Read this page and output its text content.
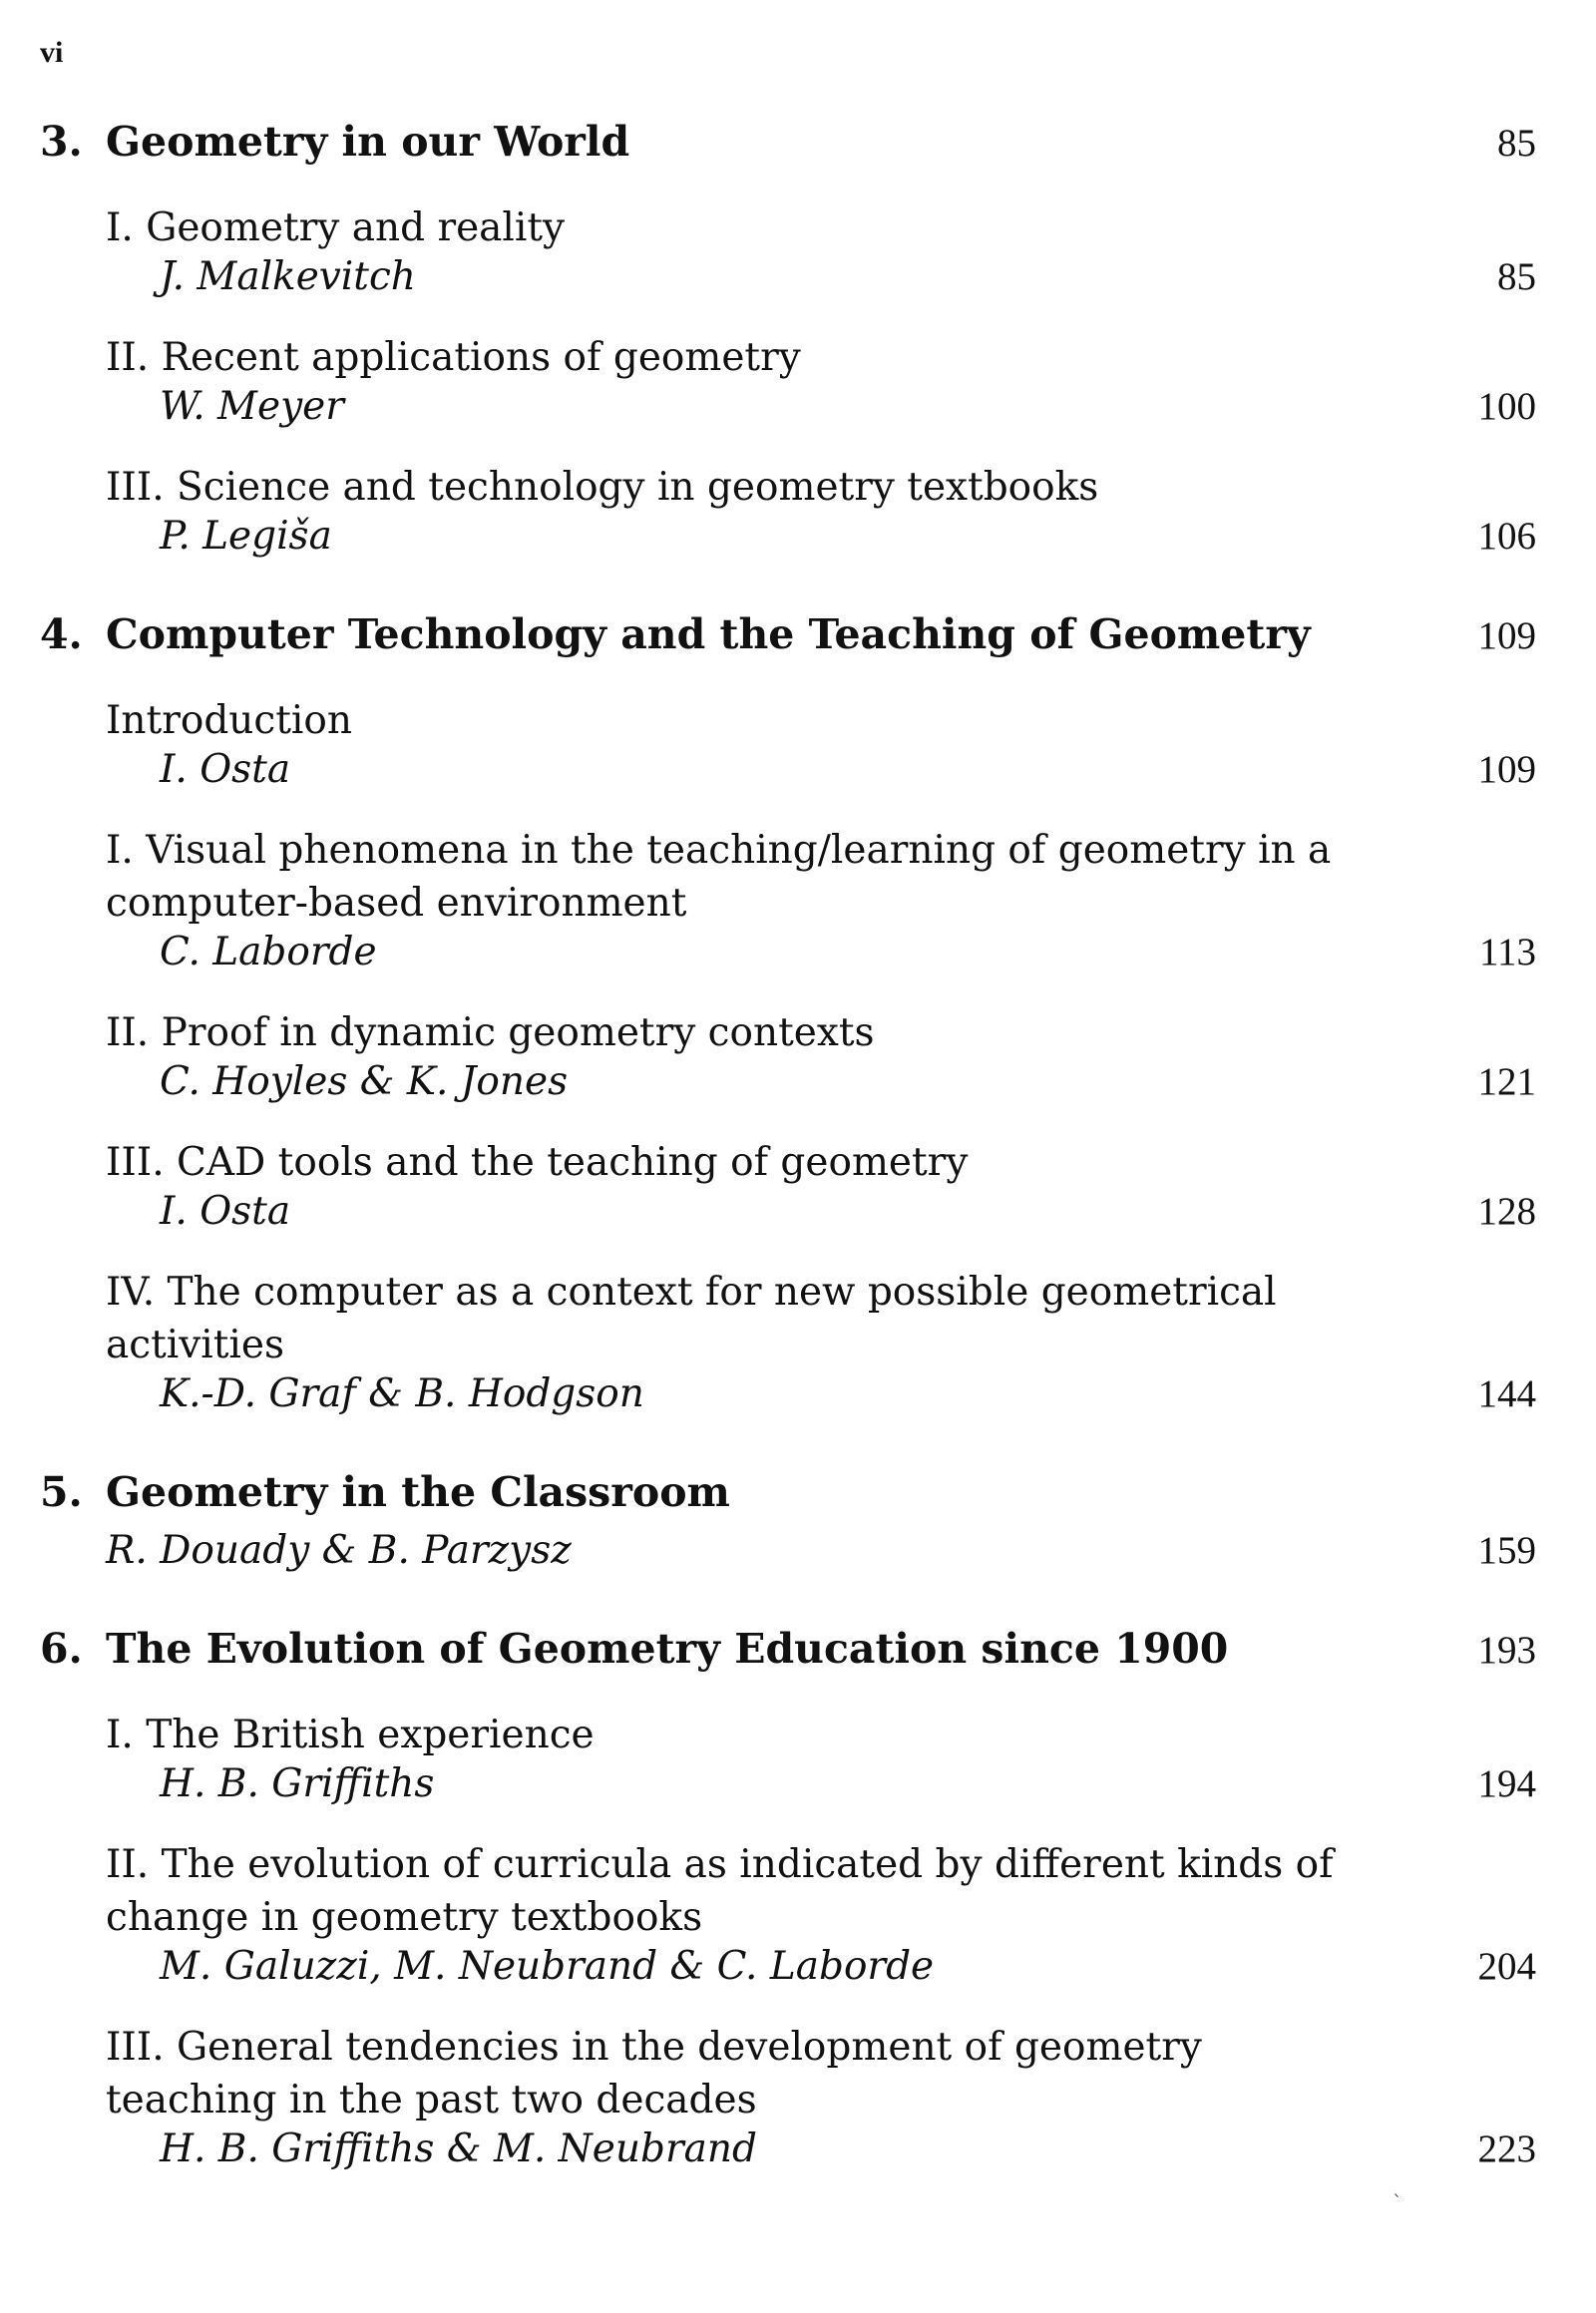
vi
3. Geometry in our World	85
I. Geometry and reality
J. Malkevitch	85
II. Recent applications of geometry
W. Meyer	100
III. Science and technology in geometry textbooks
P. Legiša	106
4. Computer Technology and the Teaching of Geometry	109
Introduction
I. Osta	109
I. Visual phenomena in the teaching/learning of geometry in a computer-based environment
C. Laborde	113
II. Proof in dynamic geometry contexts
C. Hoyles & K. Jones	121
III. CAD tools and the teaching of geometry
I. Osta	128
IV. The computer as a context for new possible geometrical activities
K.-D. Graf & B. Hodgson	144
5. Geometry in the Classroom
R. Douady & B. Parzysz	159
6. The Evolution of Geometry Education since 1900	193
I. The British experience
H. B. Griffiths	194
II. The evolution of curricula as indicated by different kinds of change in geometry textbooks
M. Galuzzi, M. Neubrand & C. Laborde	204
III. General tendencies in the development of geometry teaching in the past two decades
H. B. Griffiths & M. Neubrand	223
`
